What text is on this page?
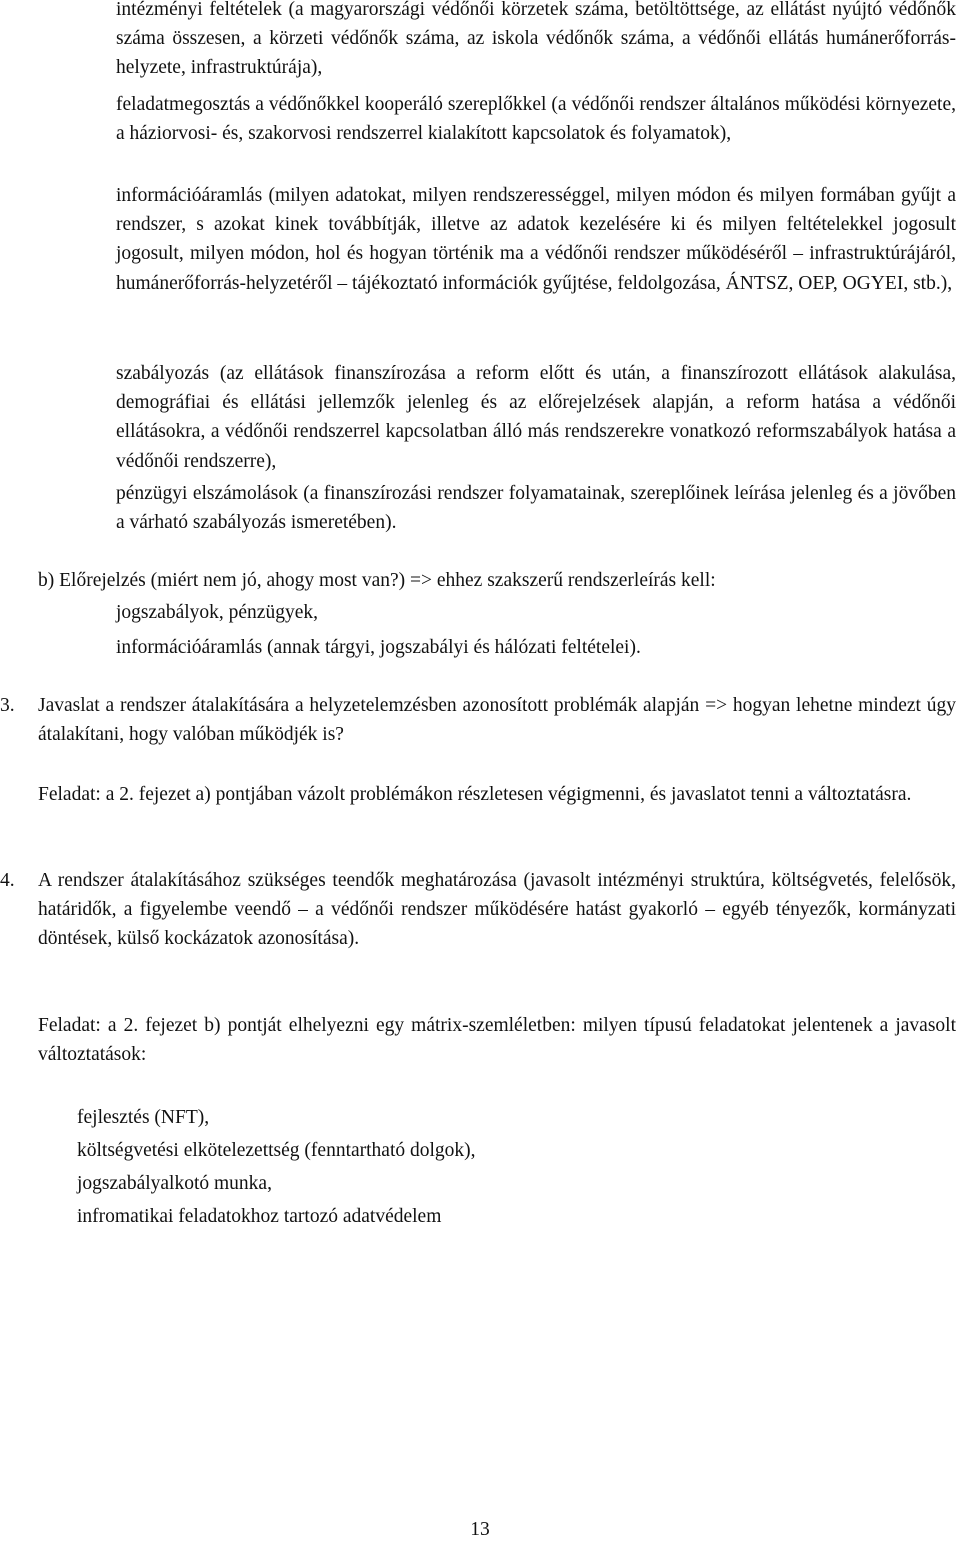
intézményi feltételek (a magyarországi védőnői körzetek száma, betöltöttsége, az ellátást nyújtó védőnők száma összesen, a körzeti védőnők száma, az iskola védőnők száma, a védőnői ellátás humánerőforrás-helyzete, infrastruktúrája),

feladatmegosztás a védőnőkkel kooperáló szereplőkkel (a védőnői rendszer általános működési környezete, a háziorvosi- és, szakorvosi rendszerrel kialakított kapcsolatok és folyamatok),

információáramlás (milyen adatokat, milyen rendszerességgel, milyen módon és milyen formában gyűjt a rendszer, s azokat kinek továbbítják, illetve az adatok kezelésére ki és milyen feltételekkel jogosult jogosult, milyen módon, hol és hogyan történik ma a védőnői rendszer működéséről – infrastruktúrájáról, humánerőforrás-helyzetéről – tájékoztató információk gyűjtése, feldolgozása, ÁNTSZ, OEP, OGYEI, stb.),

szabályozás (az ellátások finanszírozása a reform előtt és után, a finanszírozott ellátások alakulása, demográfiai és ellátási jellemzők jelenleg és az előrejelzések alapján, a reform hatása a védőnői ellátásokra, a védőnői rendszerrel kapcsolatban álló más rendszerekre vonatkozó reformszabályok hatása a védőnői rendszerre),

pénzügyi elszámolások (a finanszírozási rendszer folyamatainak, szereplőinek leírása jelenleg és a jövőben a várható szabályozás ismeretében).

b) Előrejelzés (miért nem jó, ahogy most van?) => ehhez szakszerű rendszerleírás kell:

jogszabályok, pénzügyek,

információáramlás (annak tárgyi, jogszabályi és hálózati feltételei).

3. Javaslat a rendszer átalakítására a helyzetelemzésben azonosított problémák alapján => hogyan lehetne mindezt úgy átalakítani, hogy valóban működjék is?

Feladat: a 2. fejezet a) pontjában vázolt problémákon részletesen végigmenni, és javaslatot tenni a változtatásra.

4. A rendszer átalakításához szükséges teendők meghatározása (javasolt intézményi struktúra, költségvetés, felelősök, határidők, a figyelembe veendő – a védőnői rendszer működésére hatást gyakorló – egyéb tényezők, kormányzati döntések, külső kockázatok azonosítása).

Feladat: a 2. fejezet b) pontját elhelyezni egy mátrix-szemléletben: milyen típusú feladatokat jelentenek a javasolt változtatások:

fejlesztés (NFT),

költségvetési elkötelezettség (fenntartható dolgok),

jogszabályalkotó munka,

infromatikai feladatokhoz tartozó adatvédelem

13
